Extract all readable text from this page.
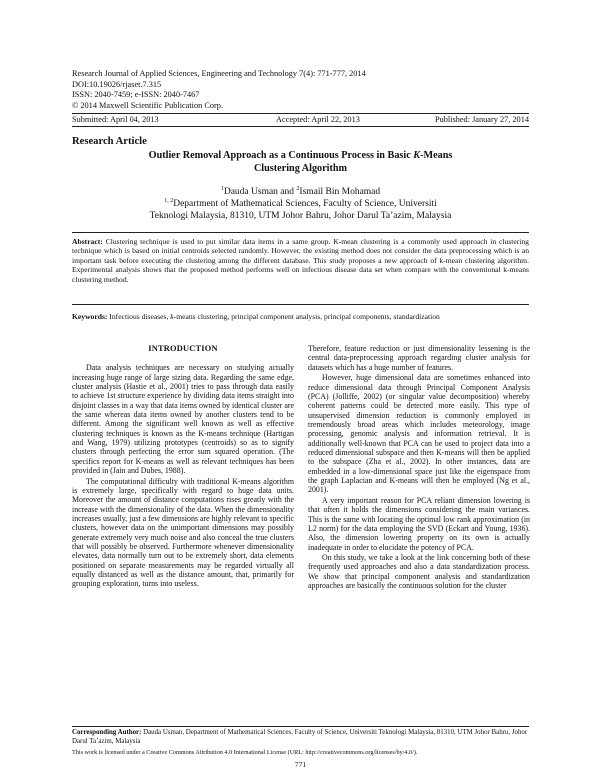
Research Journal of Applied Sciences, Engineering and Technology 7(4): 771-777, 2014
DOI:10.19026/rjaset.7.315
ISSN: 2040-7459; e-ISSN: 2040-7467
© 2014 Maxwell Scientific Publication Corp.
Submitted: April 04, 2013	Accepted: April 22, 2013	Published: January 27, 2014
Research Article
Outlier Removal Approach as a Continuous Process in Basic K-Means
Clustering Algorithm
$^1$Dauda Usman and $^2$Ismail Bin Mohamad
$^{1, 2}$Department of Mathematical Sciences, Faculty of Science, Universiti
Teknologi Malaysia, 81310, UTM Johor Bahru, Johor Darul Ta’azim, Malaysia
Abstract: Clustering technique is used to put similar data items in a same group. K-mean clustering is a commonly used approach in clustering technique which is based on initial centroids selected randomly. However, the existing method does not consider the data preprocessing which is an important task before executing the clustering among the different database. This study proposes a new approach of k-mean clustering algorithm. Experimental analysis shows that the proposed method performs well on infectious disease data set when compare with the conventional k-means clustering method.
Keywords: Infectious diseases, k-means clustering, principal component analysis, principal components, standardization
INTRODUCTION

Data analysis techniques are necessary on studying actually increasing huge range of large sizing data. Regarding the same edge, cluster analysis (Hastie et al., 2001) tries to pass through data easily to achieve 1st structure experience by dividing data items straight into disjoint classes in a way that data items owned by identical cluster are the same whereas data items owned by another clusters tend to be different. Among the significant well known as well as effective clustering techniques is known as the K-means technique (Hartigan and Wang, 1979) utilizing prototypes (centroids) so as to signify clusters through perfecting the error sum squared operation. (The specifics report for K-means as well as relevant techniques has been provided in (Jain and Dubes, 1988).

The computational difficulty with traditional K-means algorithm is extremely large, specifically with regard to huge data units. Moreover the amount of distance computations rises greatly with the increase with the dimensionality of the data. When the dimensionality increases usually, just a few dimensions are highly relevant to specific clusters, however data on the unimportant dimensions may possibly generate extremely very much noise and also conceal the true clusters that will possibly be observed. Furthermore whenever dimensionality elevates, data normally turn out to be extremely short, data elements positioned on separate measurements may be regarded virtually all equally distanced as well as the distance amount, that, primarily for grouping exploration, turns into useless.

Therefore, feature reduction or just dimensionality lessening is the central data-preprocessing approach regarding cluster analysis for datasets which has a huge number of features.

However, huge dimensional data are sometimes enhanced into reduce dimensional data through Principal Component Analysis (PCA) (Jolliffe, 2002) (or singular value decomposition) whereby coherent patterns could be detected more easily. This type of unsupervised dimension reduction is commonly employed in tremendously broad areas which includes meteorology, image processing, genomic analysis and information retrieval. It is additionally well-known that PCA can be used to project data into a reduced dimensional subspace and then K-means will then be applied to the subspace (Zha et al., 2002). In other instances, data are embedded in a low-dimensional space just like the eigenspace from the graph Laplacian and K-means will then be employed (Ng et al., 2001).

A very important reason for PCA reliant dimension lowering is that often it holds the dimensions considering the main variances. This is the same with locating the optimal low rank approximation (in L2 norm) for the data employing the SVD (Eckart and Young, 1936). Also, the dimension lowering property on its own is actually inadequate in order to elucidate the potency of PCA.

On this study, we take a look at the link concerning both of these frequently used approaches and also a data standardization process. We show that principal component analysis and standardization approaches are basically the continuous solution for the cluster

Corresponding Author: Dauda Usman, Department of Mathematical Sciences, Faculty of Science, Universiti Teknologi Malaysia, 81310, UTM Johor Bahru, Johor Darul Ta’azim, Malaysia
This work is licensed under a Creative Commons Attribution 4.0 International License (URL: http://creativecommons.org/licenses/by/4.0/).
771
